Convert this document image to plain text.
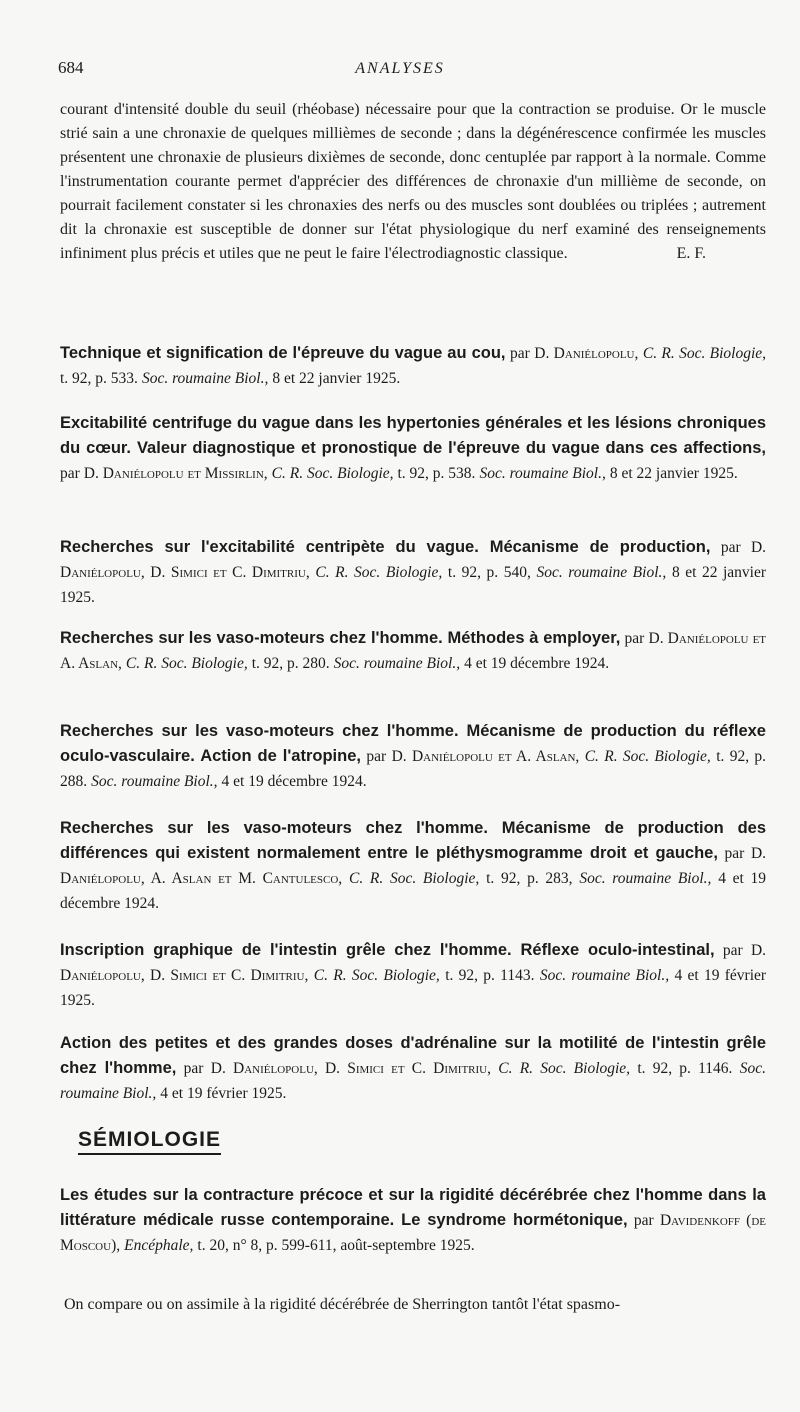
684	ANALYSES

courant d'intensité double du seuil (rhéobase) nécessaire pour que la contraction se produise. Or le muscle strié sain a une chronaxie de quelques millièmes de seconde ; dans la dégénérescence confirmée les muscles présentent une chronaxie de plusieurs dixièmes de seconde, donc centuplée par rapport à la normale. Comme l'instrumentation courante permet d'apprécier des différences de chronaxie d'un millième de seconde, on pourrait facilement constater si les chronaxies des nerfs ou des muscles sont doublées ou triplées ; autrement dit la chronaxie est susceptible de donner sur l'état physiologique du nerf examiné des renseignements infiniment plus précis et utiles que ne peut le faire l'électrodiagnostic classique.	E. F.

Technique et signification de l'épreuve du vague au cou, par D. Daniélopolu, C. R. Soc. Biologie, t. 92, p. 533. Soc. roumaine Biol., 8 et 22 janvier 1925.
Excitabilité centrifuge du vague dans les hypertonies générales et les lésions chroniques du cœur. Valeur diagnostique et pronostique de l'épreuve du vague dans ces affections, par D. Daniélopolu et Missirlin, C. R. Soc. Biologie, t. 92, p. 538. Soc. roumaine Biol., 8 et 22 janvier 1925.
Recherches sur l'excitabilité centripète du vague. Mécanisme de production, par D. Daniélopolu, D. Simici et C. Dimitriu, C. R. Soc. Biologie, t. 92, p. 540, Soc. roumaine Biol., 8 et 22 janvier 1925.
Recherches sur les vaso-moteurs chez l'homme. Méthodes à employer, par D. Daniélopolu et A. Aslan, C. R. Soc. Biologie, t. 92, p. 280. Soc. roumaine Biol., 4 et 19 décembre 1924.
Recherches sur les vaso-moteurs chez l'homme. Mécanisme de production du réflexe oculo-vasculaire. Action de l'atropine, par D. Daniélopolu et A. Aslan, C. R. Soc. Biologie, t. 92, p. 288. Soc. roumaine Biol., 4 et 19 décembre 1924.
Recherches sur les vaso-moteurs chez l'homme. Mécanisme de production des différences qui existent normalement entre le pléthysmogramme droit et gauche, par D. Daniélopolu, A. Aslan et M. Cantulesco, C. R. Soc. Biologie, t. 92, p. 283, Soc. roumaine Biol., 4 et 19 décembre 1924.
Inscription graphique de l'intestin grêle chez l'homme. Réflexe oculo-intestinal, par D. Daniélopolu, D. Simici et C. Dimitriu, C. R. Soc. Biologie, t. 92, p. 1143. Soc. roumaine Biol., 4 et 19 février 1925.
Action des petites et des grandes doses d'adrénaline sur la motilité de l'intestin grêle chez l'homme, par D. Daniélopolu, D. Simici et C. Dimitriu, C. R. Soc. Biologie, t. 92, p. 1146. Soc. roumaine Biol., 4 et 19 février 1925.
SÉMIOLOGIE
Les études sur la contracture précoce et sur la rigidité décérébrée chez l'homme dans la littérature médicale russe contemporaine. Le syndrome hormétonique, par Davidenkoff (de Moscou), Encéphale, t. 20, n° 8, p. 599-611, août-septembre 1925.
On compare ou on assimile à la rigidité décérébrée de Sherrington tantôt l'état spasmo-
